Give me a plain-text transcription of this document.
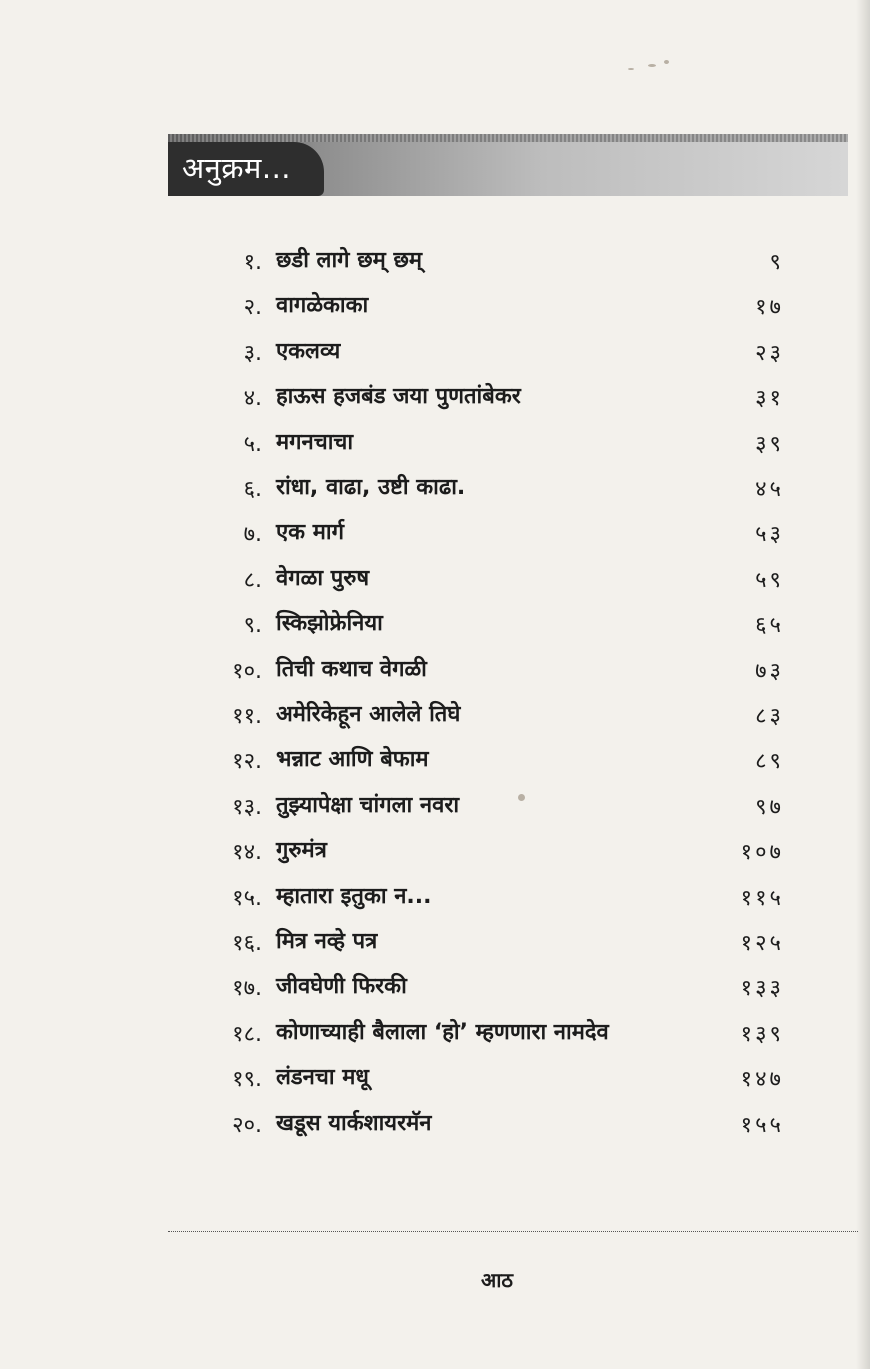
अनुक्रम...
१. छडी लागे छम् छम्	९
२. वागळेकाका	१७
३. एकलव्य	२३
४. हाऊस हजबंड जया पुणतांबेकर	३१
५. मगनचाचा	३९
६. रांधा, वाढा, उष्टी काढा.	४५
७. एक मार्ग	५३
८. वेगळा पुरुष	५९
९. स्किझोफ्रेनिया	६५
१०. तिची कथाच वेगळी	७३
११. अमेरिकेहून आलेले तिघे	८३
१२. भन्नाट आणि बेफाम	८९
१३. तुझ्यापेक्षा चांगला नवरा	९७
१४. गुरुमंत्र	१०७
१५. म्हातारा इतुका न...	११५
१६. मित्र नव्हे पत्र	१२५
१७. जीवघेणी फिरकी	१३३
१८. कोणाच्याही बैलाला ‘हो’ म्हणणारा नामदेव	१३९
१९. लंडनचा मधू	१४७
२०. खडूस यार्कशायरमॅन	१५५
आठ
